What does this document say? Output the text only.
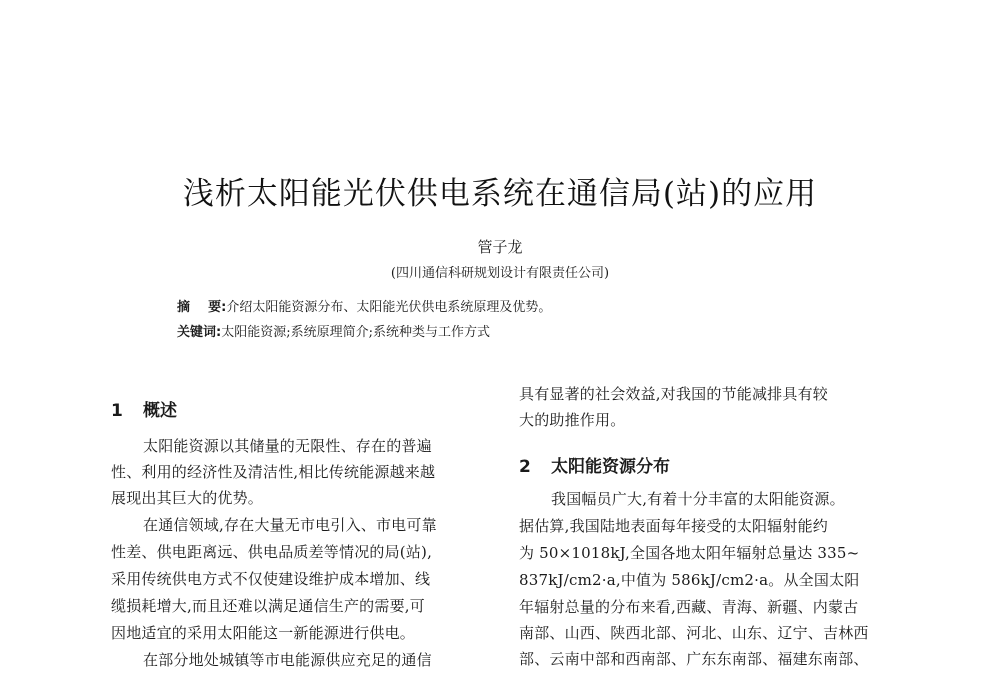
浅析太阳能光伏供电系统在通信局(站)的应用
管子龙
(四川通信科研规划设计有限责任公司)
摘    要:介绍太阳能资源分布、太阳能光伏供电系统原理及优势。
关键词:太阳能资源;系统原理简介;系统种类与工作方式
1 概述
太阳能资源以其储量的无限性、存在的普遍
性、利用的经济性及清洁性,相比传统能源越来越
展现出其巨大的优势。
在通信领域,存在大量无市电引入、市电可靠
性差、供电距离远、供电品质差等情况的局(站),
采用传统供电方式不仅使建设维护成本增加、线
缆损耗增大,而且还难以满足通信生产的需要,可
因地适宜的采用太阳能这一新能源进行供电。
在部分地处城镇等市电能源供应充足的通信
具有显著的社会效益,对我国的节能减排具有较
大的助推作用。
2 太阳能资源分布
我国幅员广大,有着十分丰富的太阳能资源。
据估算,我国陆地表面每年接受的太阳辐射能约
为 50×1018kJ,全国各地太阳年辐射总量达 335~
837kJ/cm2·a,中值为 586kJ/cm2·a。从全国太阳
年辐射总量的分布来看,西藏、青海、新疆、内蒙古
南部、山西、陕西北部、河北、山东、辽宁、吉林西
部、云南中部和西南部、广东东南部、福建东南部、
